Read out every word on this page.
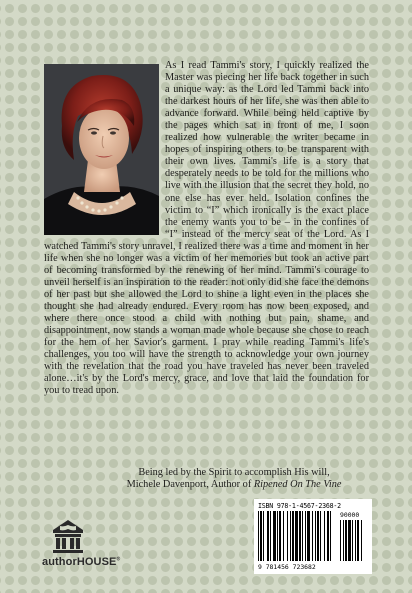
As I read Tammi's story, I quickly realized the Master was piecing her life back together in such a unique way: as the Lord led Tammi back into the darkest hours of her life, she was then able to advance forward. While being held captive by the pages which sat in front of me, I soon realized how vulnerable the writer became in hopes of inspiring others to be transparent with their own lives. Tammi's life is a story that desperately needs to be told for the millions who live with the illusion that the secret they hold, no one else has ever held. Isolation confines the victim to “I” which ironically is the exact place the enemy wants you to be – in the confines of “I” instead of the mercy seat of the Lord. As I watched Tammi's story unravel, I realized there was a time and moment in her life when she no longer was a victim of her memories but took an active part of becoming transformed by the renewing of her mind. Tammi's courage to unveil herself is an inspiration to the reader: not only did she face the demons of her past but she allowed the Lord to shine a light even in the places she thought she had already endured. Every room has now been exposed, and where there once stood a child with nothing but pain, shame, and disappointment, now stands a woman made whole because she chose to reach for the hem of her Savior's garment. I pray while reading Tammi's life's challenges, you too will have the strength to acknowledge your own journey with the revelation that the road you have traveled has never been traveled alone…it's by the Lord's mercy, grace, and love that laid the foundation for you to tread upon.

Being led by the Spirit to accomplish His will,

Michele Davenport, Author of Ripened On The Vine

authorHOUSE®
ISBN 978-1-4567-2368-2
90000
9 781456 723682
